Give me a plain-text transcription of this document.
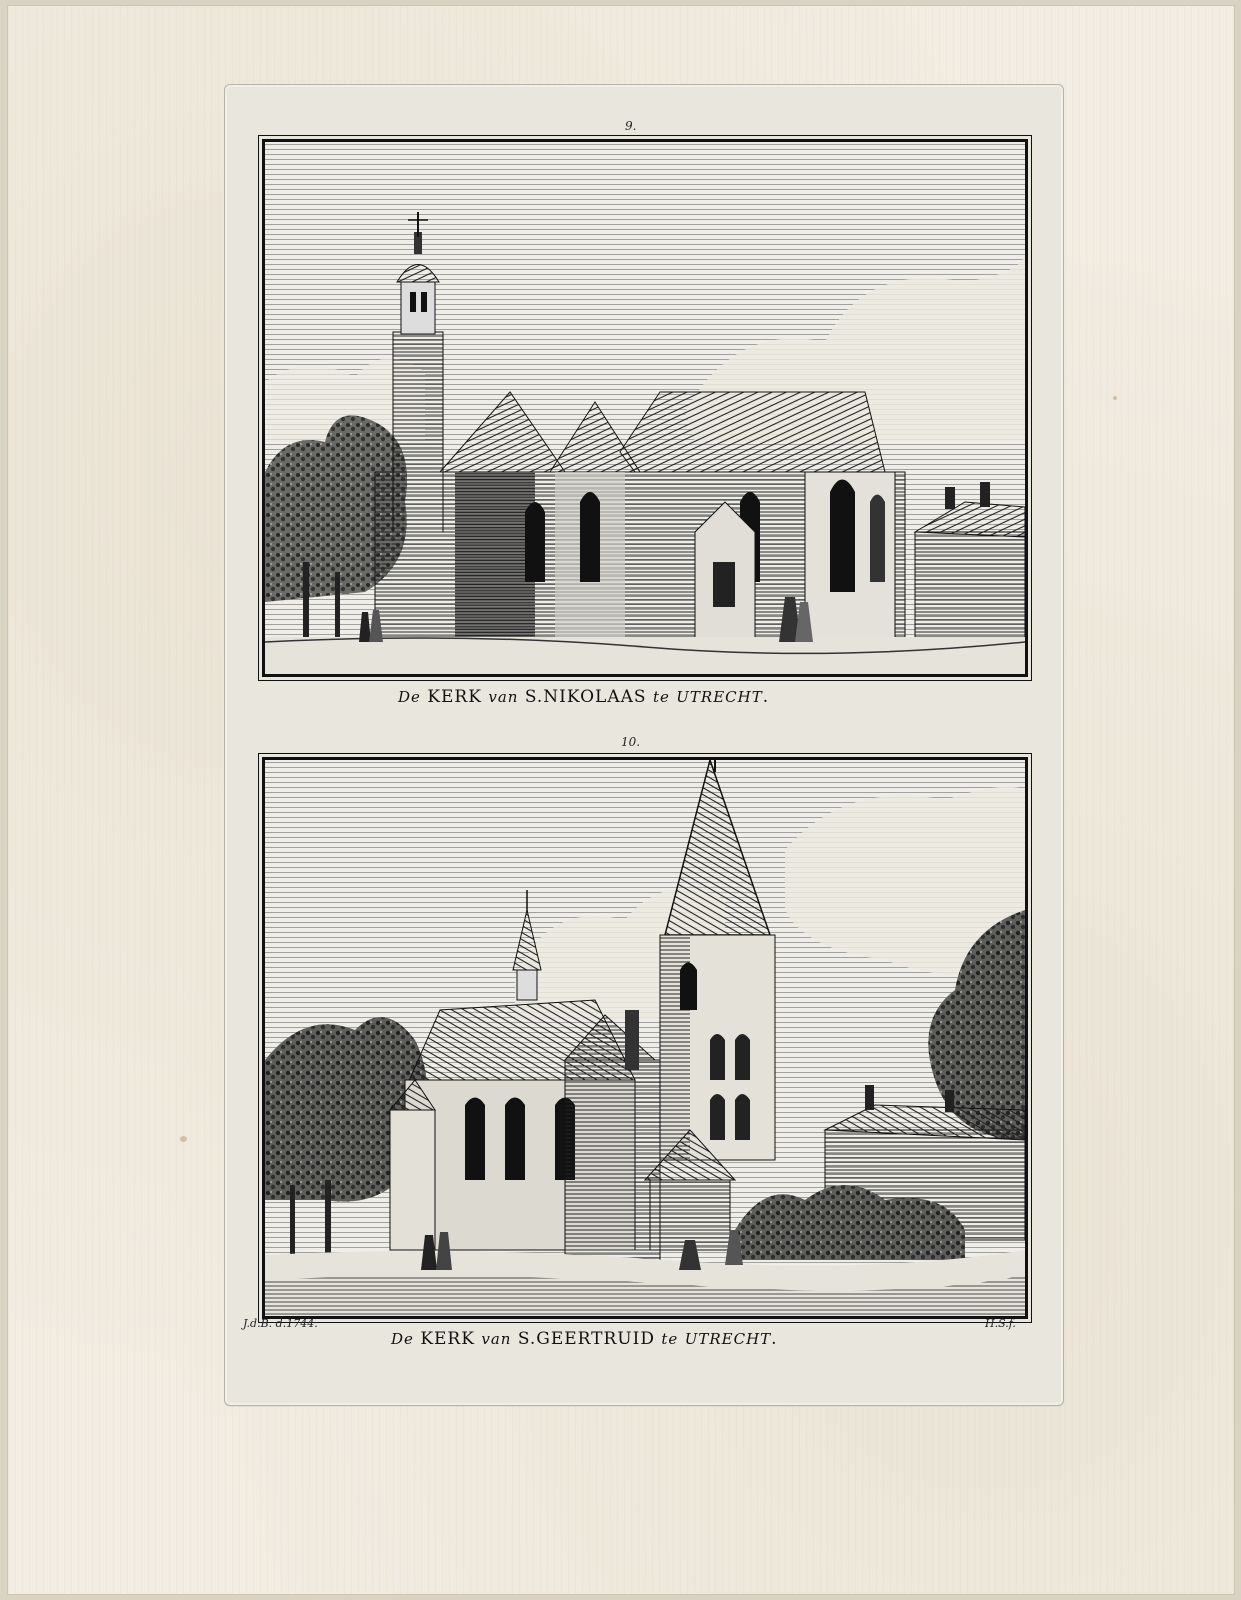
9.
De KERK van S.NIKOLAAS te UTRECHT.
10.
J.d.B. d.1744.	H.S.f.
De KERK van S.GEERTRUID te UTRECHT.
